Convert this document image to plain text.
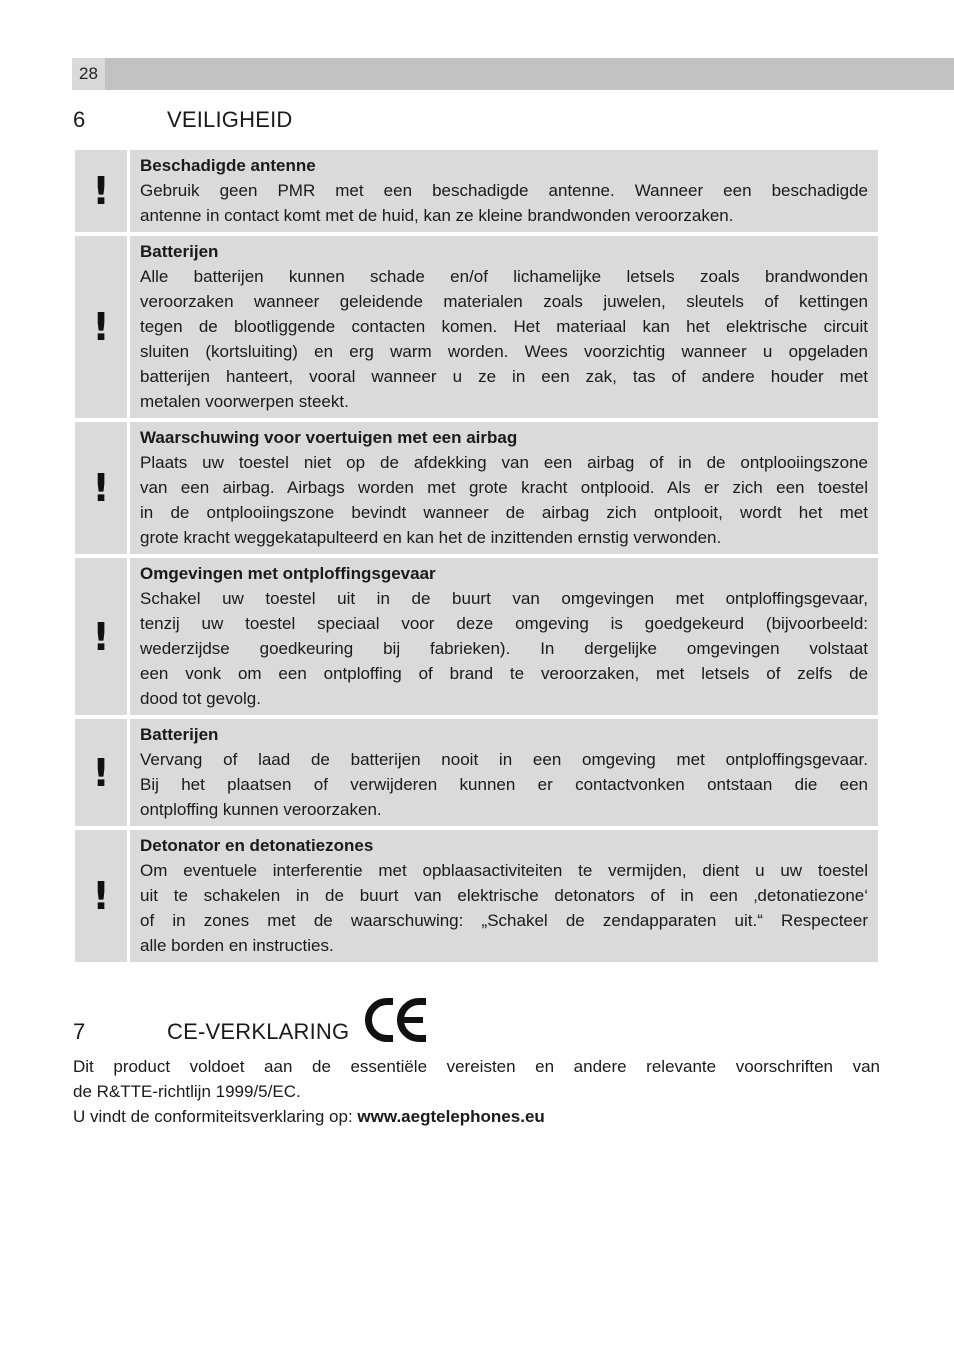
28
6	VEILIGHEID
!
Beschadigde antenne
Gebruik geen PMR met een beschadigde antenne. Wanneer een beschadigde
antenne in contact komt met de huid, kan ze kleine brandwonden veroorzaken.
!
Batterijen
Alle batterijen kunnen schade en/of lichamelijke letsels zoals brandwonden
veroorzaken wanneer geleidende materialen zoals juwelen, sleutels of kettingen
tegen de blootliggende contacten komen. Het materiaal kan het elektrische circuit
sluiten (kortsluiting) en erg warm worden. Wees voorzichtig wanneer u opgeladen
batterijen hanteert, vooral wanneer u ze in een zak, tas of andere houder met
metalen voorwerpen steekt.
!
Waarschuwing voor voertuigen met een airbag
Plaats uw toestel niet op de afdekking van een airbag of in de ontplooiingszone
van een airbag. Airbags worden met grote kracht ontplooid. Als er zich een toestel
in de ontplooiingszone bevindt wanneer de airbag zich ontplooit, wordt het met
grote kracht weggekatapulteerd en kan het de inzittenden ernstig verwonden.
!
Omgevingen met ontploffingsgevaar
Schakel uw toestel uit in de buurt van omgevingen met ontploffingsgevaar,
tenzij uw toestel speciaal voor deze omgeving is goedgekeurd (bijvoorbeeld:
wederzijdse goedkeuring bij fabrieken). In dergelijke omgevingen volstaat
een vonk om een ontploffing of brand te veroorzaken, met letsels of zelfs de
dood tot gevolg.
!
Batterijen
Vervang of laad de batterijen nooit in een omgeving met ontploffingsgevaar.
Bij het plaatsen of verwijderen kunnen er contactvonken ontstaan die een
ontploffing kunnen veroorzaken.
!
Detonator en detonatiezones
Om eventuele interferentie met opblaasactiviteiten te vermijden, dient u uw toestel
uit te schakelen in de buurt van elektrische detonators of in een ‚detonatiezone‘
of in zones met de waarschuwing: „Schakel de zendapparaten uit.“ Respecteer
alle borden en instructies.
7	CE-VERKLARING
Dit product voldoet aan de essentiële vereisten en andere relevante voorschriften van
de R&TTE-richtlijn 1999/5/EC.
U vindt de conformiteitsverklaring op: www.aegtelephones.eu
